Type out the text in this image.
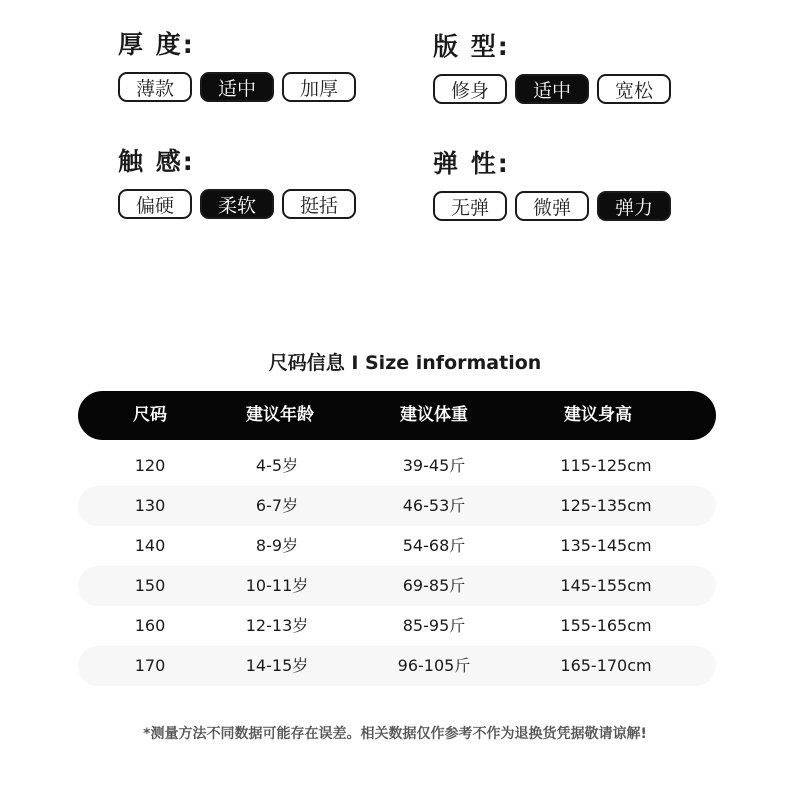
厚 度:
薄款	适中	加厚
版 型:
修身	适中	宽松
触 感:
偏硬	柔软	挺括
弹 性:
无弹	微弹	弹力
尺码信息 I Size information
尺码	建议年龄	建议体重	建议身高
120	4-5岁	39-45斤	115-125cm
130	6-7岁	46-53斤	125-135cm
140	8-9岁	54-68斤	135-145cm
150	10-11岁	69-85斤	145-155cm
160	12-13岁	85-95斤	155-165cm
170	14-15岁	96-105斤	165-170cm
*测量方法不同数据可能存在误差。相关数据仅作参考不作为退换货凭据敬请谅解!
